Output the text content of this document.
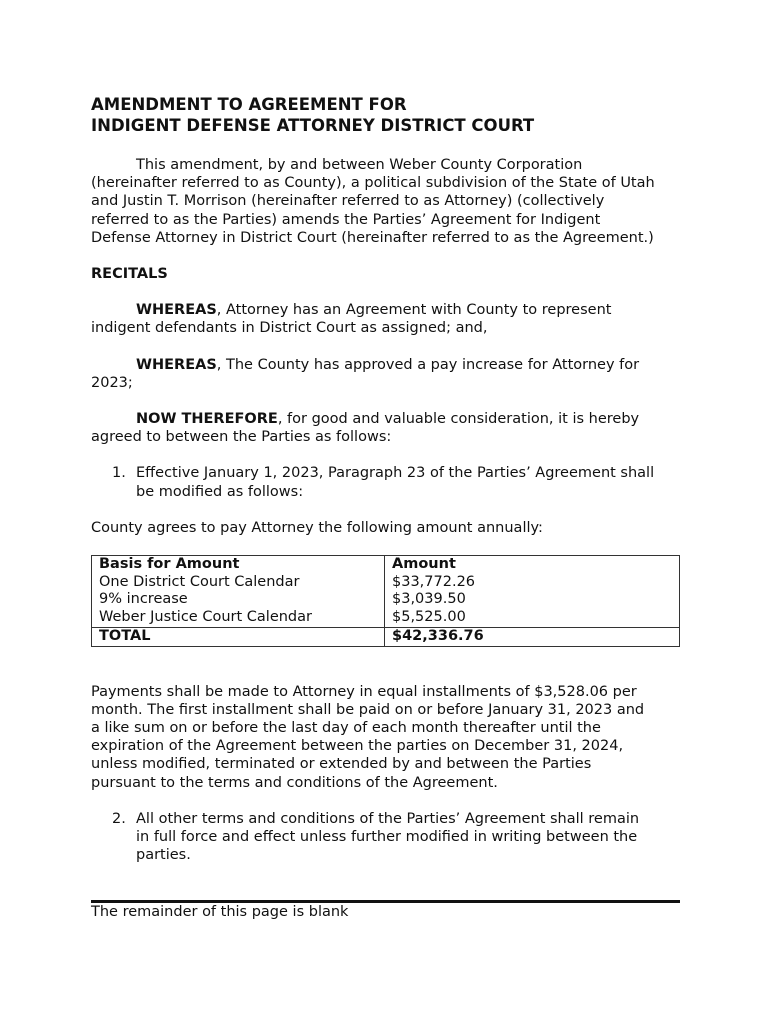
AMENDMENT TO AGREEMENT FOR
INDIGENT DEFENSE ATTORNEY DISTRICT COURT

This amendment, by and between Weber County Corporation
(hereinafter referred to as County), a political subdivision of the State of Utah
and Justin T. Morrison (hereinafter referred to as Attorney) (collectively
referred to as the Parties) amends the Parties’ Agreement for Indigent
Defense Attorney in District Court (hereinafter referred to as the Agreement.)

RECITALS

WHEREAS, Attorney has an Agreement with County to represent
indigent defendants in District Court as assigned; and,

WHEREAS, The County has approved a pay increase for Attorney for
2023;

NOW THEREFORE, for good and valuable consideration, it is hereby
agreed to between the Parties as follows:

1. Effective January 1, 2023, Paragraph 23 of the Parties’ Agreement shall
be modified as follows:

County agrees to pay Attorney the following amount annually:

Basis for Amount	Amount
One District Court Calendar	$33,772.26
9% increase	$3,039.50
Weber Justice Court Calendar	$5,525.00
TOTAL	$42,336.76

Payments shall be made to Attorney in equal installments of $3,528.06 per
month. The first installment shall be paid on or before January 31, 2023 and
a like sum on or before the last day of each month thereafter until the
expiration of the Agreement between the parties on December 31, 2024,
unless modified, terminated or extended by and between the Parties
pursuant to the terms and conditions of the Agreement.

2. All other terms and conditions of the Parties’ Agreement shall remain
in full force and effect unless further modified in writing between the
parties.

The remainder of this page is blank
